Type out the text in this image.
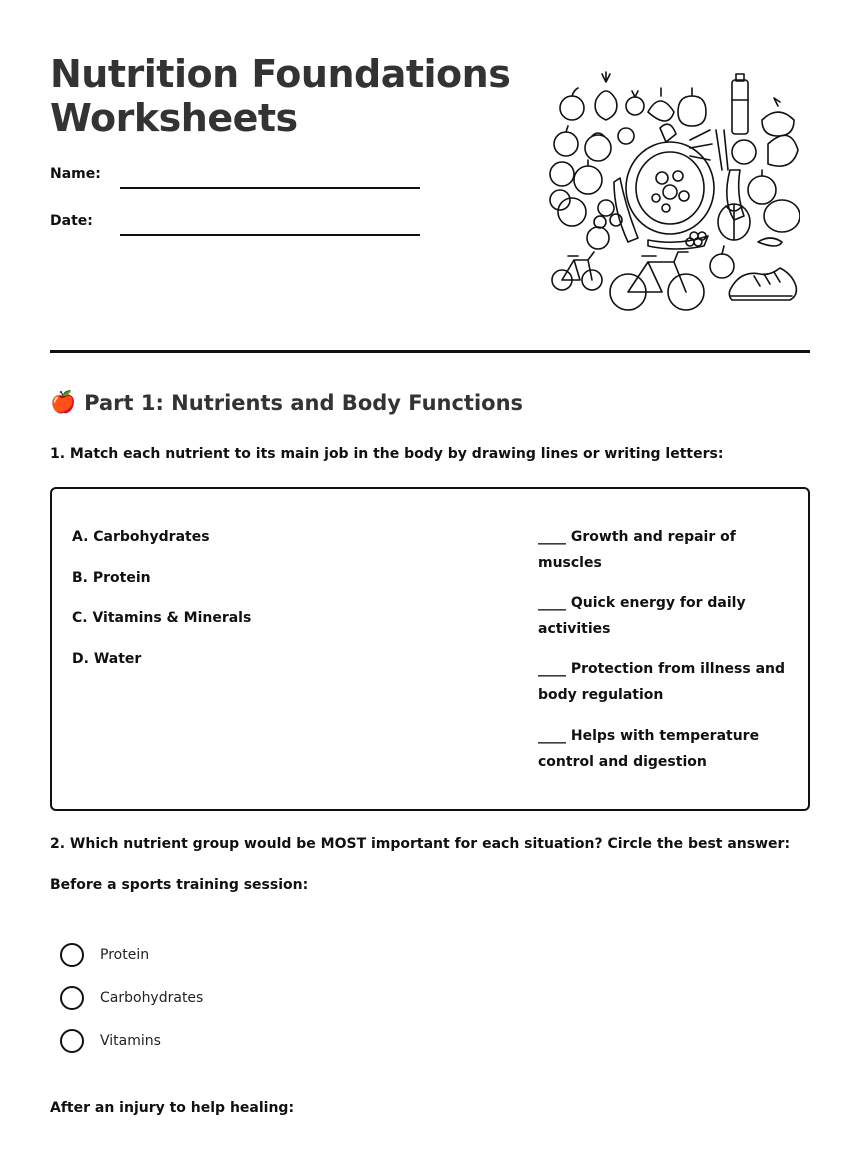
Nutrition Foundations
Worksheets
Name:
Date:
🍎 Part 1: Nutrients and Body Functions
1. Match each nutrient to its main job in the body by drawing lines or writing letters:
A. Carbohydrates
B. Protein
C. Vitamins & Minerals
D. Water
____ Growth and repair of muscles
____ Quick energy for daily activities
____ Protection from illness and body regulation
____ Helps with temperature control and digestion
2. Which nutrient group would be MOST important for each situation? Circle the best answer:
Before a sports training session:
Protein
Carbohydrates
Vitamins
After an injury to help healing:
